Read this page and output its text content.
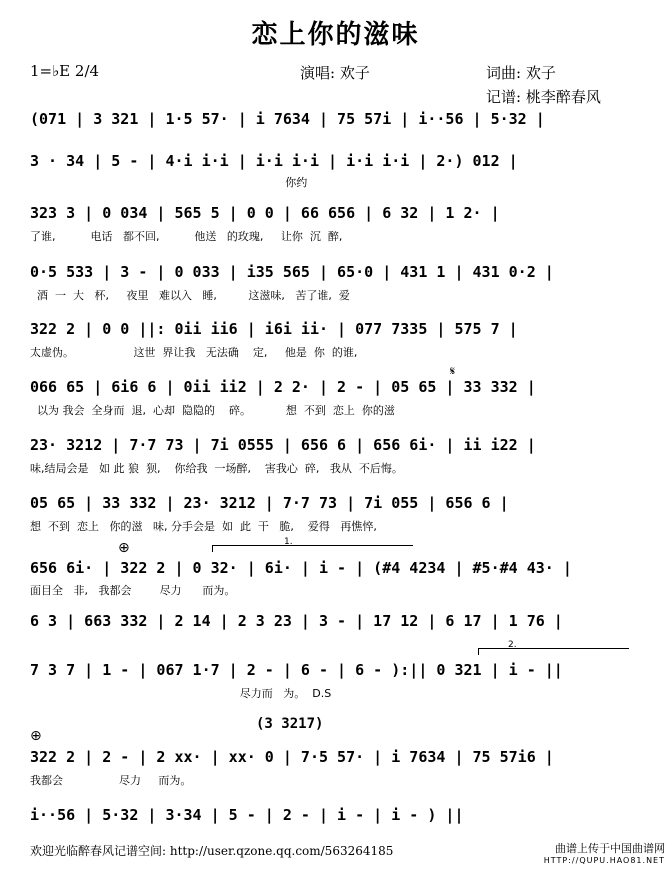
恋上你的滋味
1=♭E 2/4	演唱: 欢子	词曲: 欢子
记谱: 桃李醉春风
(071 | 3 321 | 1·5 57· | i 7634 | 75 57i | i··56 | 5·32 |
3 · 34 | 5 - | 4·i i·i | i·i i·i | i·i i·i | 2·) 012 |
你约
323 3 | 0 034 | 565 5 | 0 0 | 66 656 | 6 32 | 1 2· |
了谁,          电话   都不回,          他送   的玫瑰,     让你  沉  醉,
0·5 533 | 3 - | 0 033 | i35 565 | 65·0 | 431 1 | 431 0·2 |
酒  一  大   杯,     夜里   难以入   睡,         这滋味,   苦了谁,  爱
322 2 | 0 0 ||: 0ii ii6 | i6i ii· | 077 7335 | 575 7 |
太虚伪。                 这世  界让我   无法确    定,     他是  你  的谁,
𝄋
066 65 | 6i6 6 | 0ii ii2 | 2 2· | 2 - | 05 65 | 33 332 |
以为 我会  全身而  退,  心却  隐隐的    碎。          想  不到  恋上  你的滋
23· 3212 | 7·7 73 | 7i 0555 | 656 6 | 656 6i· | ii i22 |
味,结局会是   如 此 狼  狈,    你给我  一场醉,    害我心  碎,   我从  不后悔。
05 65 | 33 332 | 23· 3212 | 7·7 73 | 7i 055 | 656 6 |
想  不到  恋上   你的滋   味, 分手会是  如  此  干   脆,    爱得   再憔悴,
⊕	1.
656 6i· | 322 2 | 0 32· | 6i· | i - | (#4 4234 | #5·#4 43· |
面目全   非,   我都会        尽力      而为。
6 3 | 663 332 | 2 14 | 2 3 23 | 3 - | 17 12 | 6 17 | 1 76 |
2.
7 3 7 | 1 - | 067 1·7 | 2 - | 6 - | 6 - ):|| 0 321 | i - ||
尽力而   为。  D.S
(3 3217)
⊕
322 2 | 2 - | 2 xx· | xx· 0 | 7·5 57· | i 7634 | 75 57i6 |
我都会                尽力     而为。
i··56 | 5·32 | 3·34 | 5 - | 2 - | i - | i - ) ||
欢迎光临醉春风记谱空间: http://user.qzone.qq.com/563264185	曲谱上传于中国曲谱网
HTTP://QUPU.HAO81.NET
